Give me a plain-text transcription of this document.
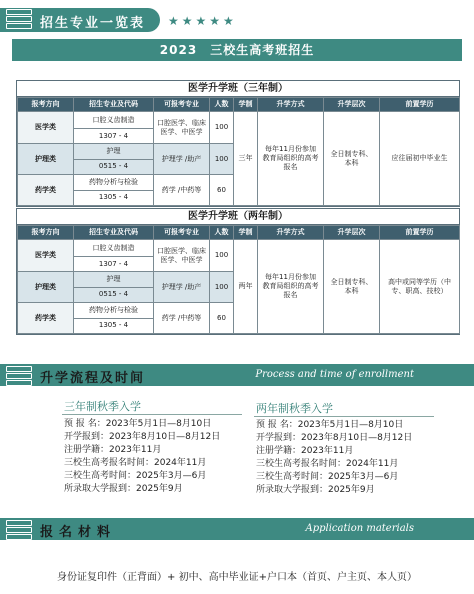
招生专业一览表 ★★★★★
2023　三校生高考班招生
医学升学班（三年制）
报考方向	招生专业及代码	可报考专业	人数	学制	升学方式	升学层次	前置学历
医学类	口腔义齿制造	口腔医学、临床医学、中医学	100	三年	每年11月份参加教育局组织的高考报名	全日制专科、本科	应往届初中毕业生
	1307 - 4						
护理类	护理	护理学 /助产	100				
	0515 - 4						
药学类	药物分析与检验	药学 /中药等	60				
	1305 - 4						
医学升学班（两年制）
报考方向	招生专业及代码	可报考专业	人数	学制	升学方式	升学层次	前置学历
医学类	口腔义齿制造	口腔医学、临床医学、中医学	100	两年	每年11月份参加教育局组织的高考报名	全日制专科、本科	高中或同等学历（中专、职高、技校）
	1307 - 4						
护理类	护理	护理学 /助产	100				
	0515 - 4						
药学类	药物分析与检验	药学 /中药等	60				
	1305 - 4						
升学流程及时间	Process and time of enrollment
三年制秋季入学
预 报 名：2023年5月1日—8月10日
开学报到：2023年8月10日—8月12日
注册学籍：2023年11月
三校生高考报名时间：2024年11月
三校生高考时间：2025年3月—6月
所录取大学报到：2025年9月
两年制秋季入学
预 报 名：2023年5月1日—8月10日
开学报到：2023年8月10日—8月12日
注册学籍：2023年11月
三校生高考报名时间：2024年11月
三校生高考时间：2025年3月—6月
所录取大学报到：2025年9月
报名材料	Application materials
身份证复印件（正背面）+ 初中、高中毕业证+户口本（首页、户主页、本人页）
